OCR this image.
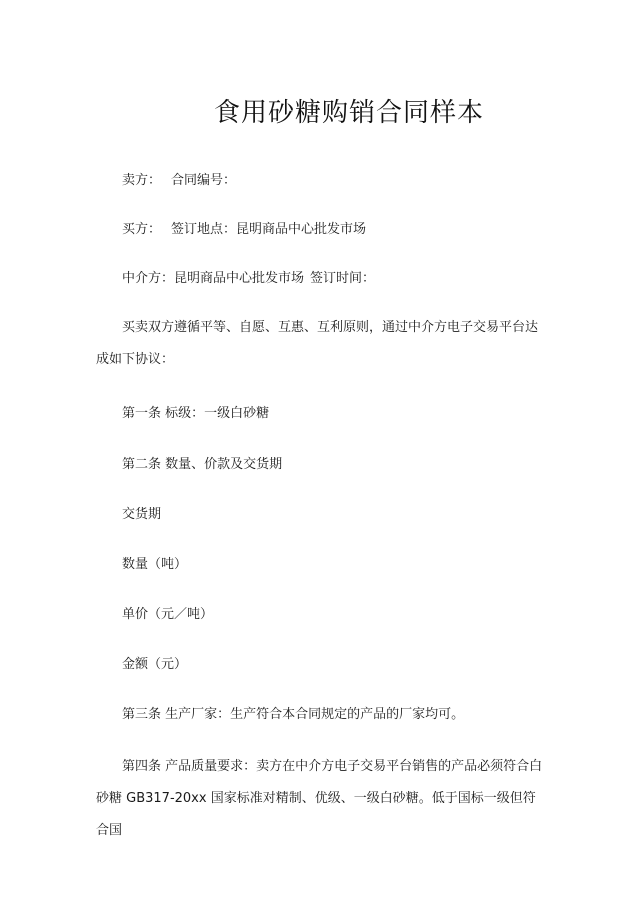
食用砂糖购销合同样本
卖方： 合同编号：
买方： 签订地点：昆明商品中心批发市场
中介方：昆明商品中心批发市场 签订时间：
买卖双方遵循平等、自愿、互惠、互利原则，通过中介方电子交易平台达成如下协议：
第一条 标级：一级白砂糖
第二条 数量、价款及交货期
交货期
数量（吨）
单价（元／吨）
金额（元）
第三条 生产厂家：生产符合本合同规定的产品的厂家均可。
第四条 产品质量要求：卖方在中介方电子交易平台销售的产品必须符合白砂糖 GB317-20xx 国家标准对精制、优级、一级白砂糖。低于国标一级但符合国
